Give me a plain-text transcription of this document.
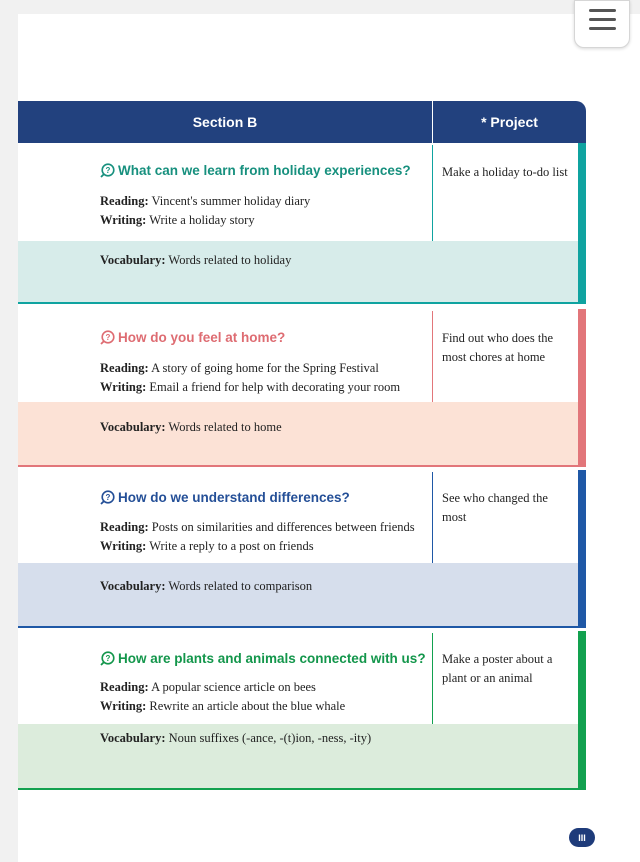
Section B	* Project
? What can we learn from holiday experiences?
Reading: Vincent's summer holiday diary
Writing: Write a holiday story
Vocabulary: Words related to holiday
Make a holiday to-do list
? How do you feel at home?
Reading: A story of going home for the Spring Festival
Writing: Email a friend for help with decorating your room
Vocabulary: Words related to home
Find out who does the most chores at home
? How do we understand differences?
Reading: Posts on similarities and differences between friends
Writing: Write a reply to a post on friends
Vocabulary: Words related to comparison
See who changed the most
? How are plants and animals connected with us?
Reading: A popular science article on bees
Writing: Rewrite an article about the blue whale
Vocabulary: Noun suffixes (-ance, -(t)ion, -ness, -ity)
Make a poster about a plant or an animal
III
